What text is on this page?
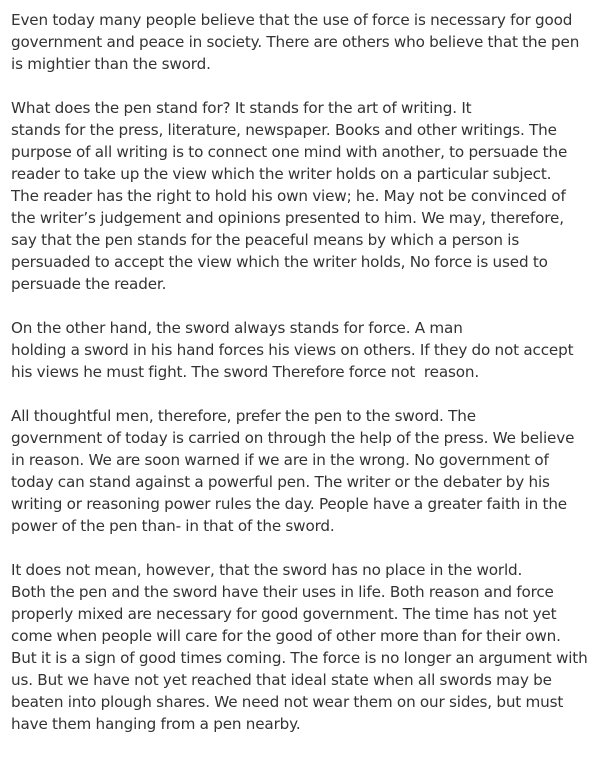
Even today many people believe that the use of force is necessary for good
government and peace in society. There are others who believe that the pen
is mightier than the sword.

What does the pen stand for? It stands for the art of writing. It
stands for the press, literature, newspaper. Books and other writings. The
purpose of all writing is to connect one mind with another, to persuade the
reader to take up the view which the writer holds on a particular subject.
The reader has the right to hold his own view; he. May not be convinced of
the writer’s judgement and opinions presented to him. We may, therefore,
say that the pen stands for the peaceful means by which a person is
persuaded to accept the view which the writer holds, No force is used to
persuade the reader.

On the other hand, the sword always stands for force. A man
holding a sword in his hand forces his views on others. If they do not accept
his views he must fight. The sword Therefore force not  reason.

All thoughtful men, therefore, prefer the pen to the sword. The
government of today is carried on through the help of the press. We believe
in reason. We are soon warned if we are in the wrong. No government of
today can stand against a powerful pen. The writer or the debater by his
writing or reasoning power rules the day. People have a greater faith in the
power of the pen than- in that of the sword.

It does not mean, however, that the sword has no place in the world.
Both the pen and the sword have their uses in life. Both reason and force
properly mixed are necessary for good government. The time has not yet
come when people will care for the good of other more than for their own.
But it is a sign of good times coming. The force is no longer an argument with
us. But we have not yet reached that ideal state when all swords may be
beaten into plough shares. We need not wear them on our sides, but must
have them hanging from a pen nearby.
